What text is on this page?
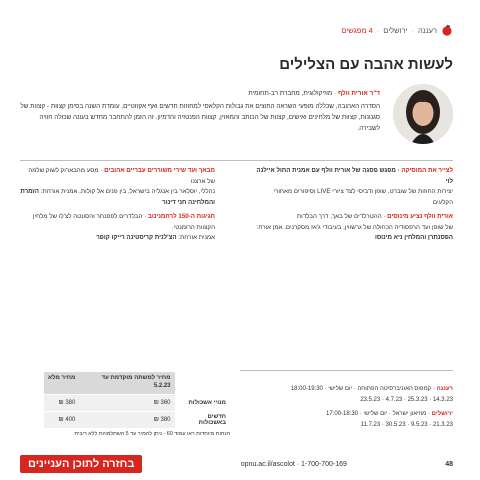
רעננה
·
ירושלים
·
4 מפגשים
לעשות אהבה עם הצלילים
ד"ר אורית וולף · מוזיקולוגית, מחברת רב-תחומית
הסדרה האהובה, שכללה מופעי השראה החוצים את גבולות הקלאסי למחוזות חדשים ואף אקזוטיים, עומדת השנה בסימן קצוות - קצוות של סגנונות, קצוות של מלחינים ואישים, קצוות של הכותב והמאזין, קצוות הפנטזיה והדמיון. זה הזמן להתחבר מחדש בעונה שכולה חוויה לשבירה.
לצייר את המוסיקה · מפגש פסגה של אורית וולף עם אמנית החול איילנה לוי
יצירות החוזות של שוברט, שופן ודביסי לצד ציורי LIVE וסיפורים מאחורי הקלעים
מבאך ועד שירי משוררים עבריים אהובים · מסע מהבארוק לשוק שלמה של ארצנו
נהללי, יוסלאר בין אנגליה בישראל, בין פנים אל קולות, אמנית אורחת: הזמרת והמלחינה חני דינור
אורית וולף נציע מינוסים · ההטרלדים של באך, דרך הבלדות
של שופן ועד הרפסודיה הכחולה של גרשווין, בעיבודי ג'אז מסקרנים. אמן אורח: הפסנתרן והמלחין ניא מינוסו
חגיגות ה-150 לרחמנינוב · הבלדרים לפסנתר והסונטה לצ'לו של מלחין הקצוות הרומנטי.
אמנית אורחת: הצ'לנית קריסטינה רייקו קופר
רעננה · קמפוס האוניברסיטה הפתוחה · יום שלישי · 18:00-19:30
14.3.23 · 25.3.23 · 4.7.23 · 23.5.23
ירושלים · מוזיאון ישראל · יום שלישי · 17:00-18:30
21.3.23 · 9.5.23 · 30.5.23 · 11.7.23
	מחיר למשתה מוקדמת עד 5.2.23	מחיר מלא
מנויי אשכולות	360 ₪	380 ₪
חדשים באשכולות	380 ₪	400 ₪
הנחות מיוחדות ראו עמוד 60 · ניתן להמיר עד 5 השתלמויות ללא ריבית
48
opnu.ac.il/ascolot · 1-700-700-169
בחזרה לתוכן העניינים
